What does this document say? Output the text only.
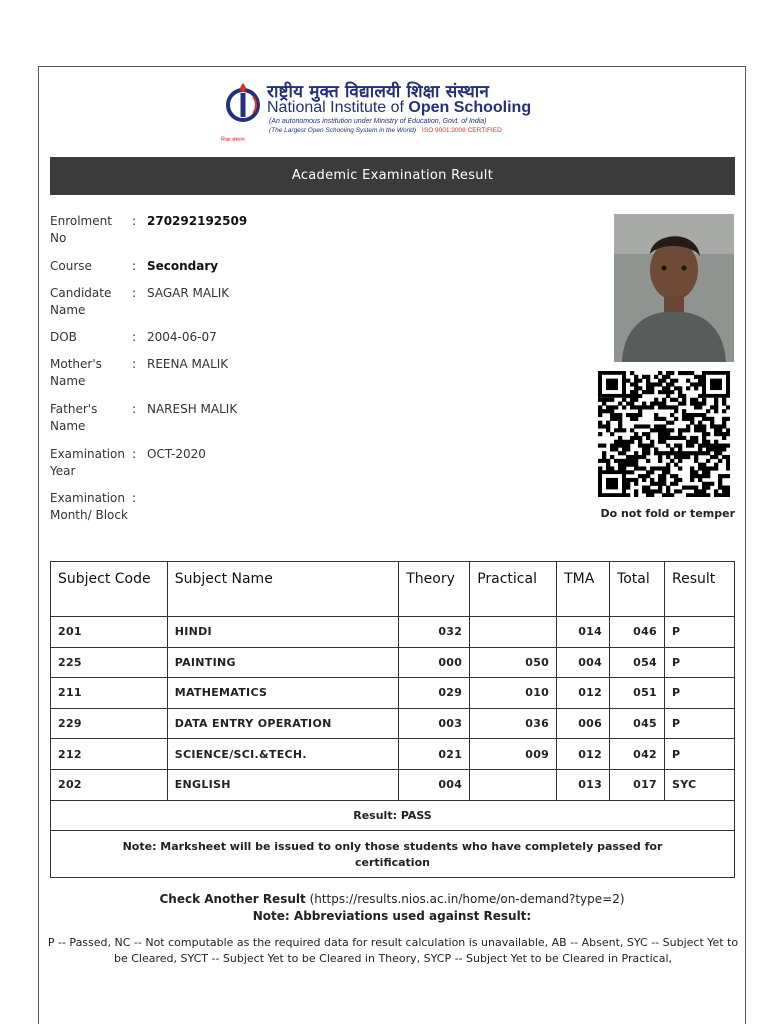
शिक्षा संस्थान
राष्ट्रीय मुक्त विद्यालयी शिक्षा संस्थान
National Institute of Open Schooling
(An autonomous institution under Ministry of Education, Govt. of India)
(The Largest Open Schooling System in the World) ISO 9001:2008 CERTIFIED
Academic Examination Result
Enrolment No
: 270292192509
Course	: Secondary
Candidate Name
: SAGAR MALIK
DOB	: 2004-06-07
Mother's Name
: REENA MALIK
Father's Name
: NARESH MALIK
Examination Year
: OCT-2020
Examination Month/ Block
:
Do not fold or temper
Subject Code	Subject Name	Theory	Practical	TMA	Total	Result
201	HINDI	032		014	046	P
225	PAINTING	000	050	004	054	P
211	MATHEMATICS	029	010	012	051	P
229	DATA ENTRY OPERATION	003	036	006	045	P
212	SCIENCE/SCI.&TECH.	021	009	012	042	P
202	ENGLISH	004		013	017	SYC
Result: PASS
Note: Marksheet will be issued to only those students who have completely passed for certification
Check Another Result (https://results.nios.ac.in/home/on-demand?type=2)
Note: Abbreviations used against Result:
P -- Passed, NC -- Not computable as the required data for result calculation is unavailable, AB -- Absent, SYC -- Subject Yet to be Cleared, SYCT -- Subject Yet to be Cleared in Theory, SYCP -- Subject Yet to be Cleared in Practical,
